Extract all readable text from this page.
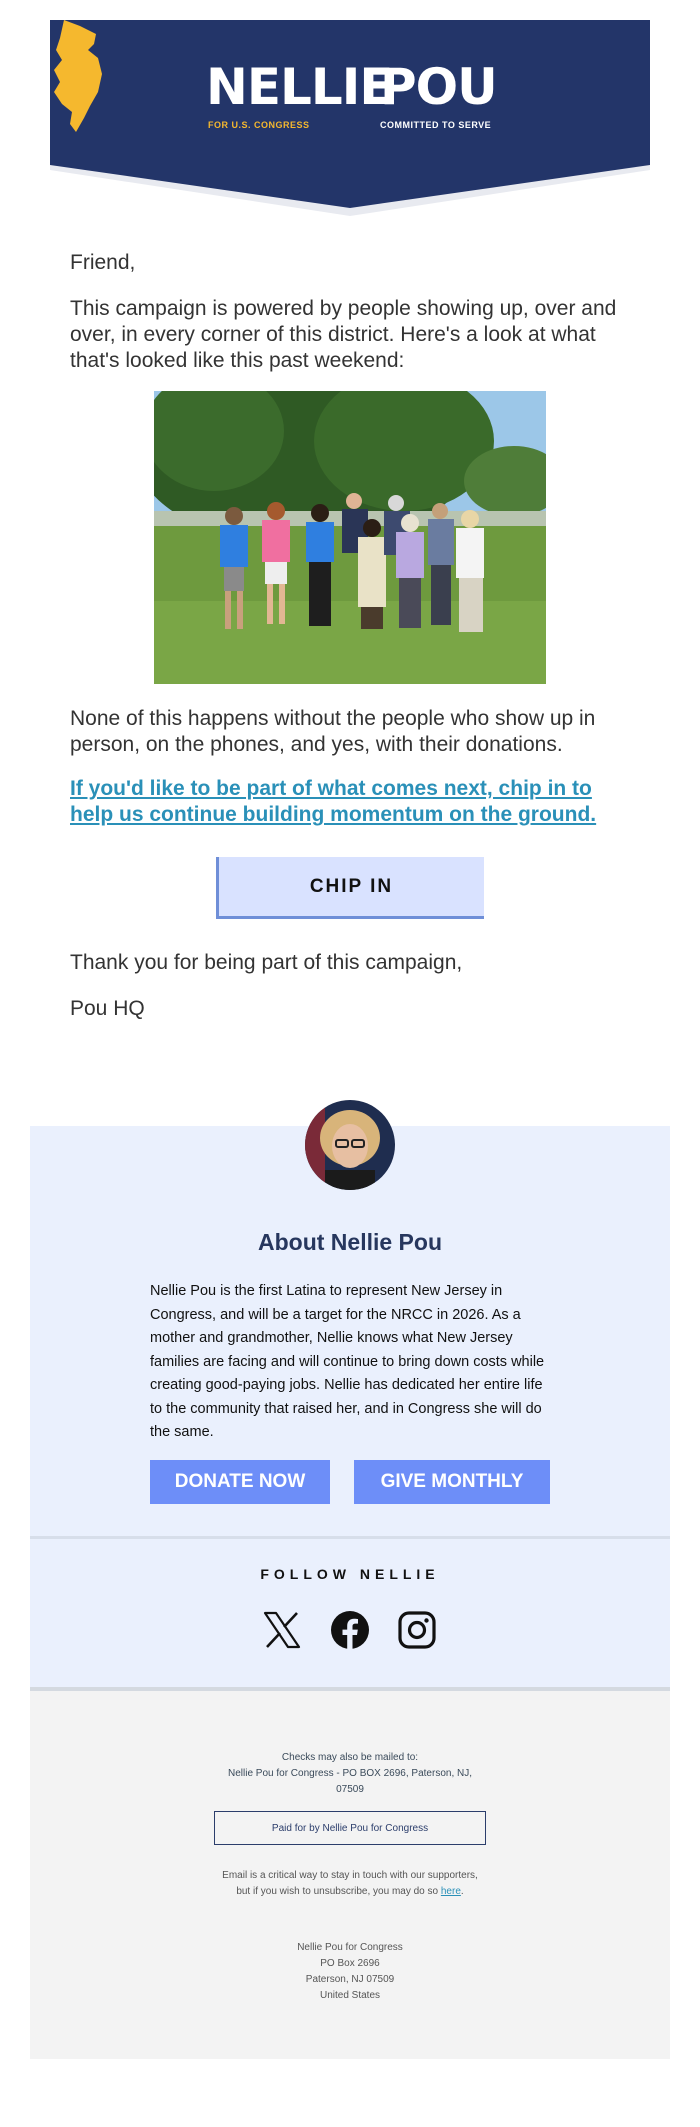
NELLIE
POU
FOR U.S. CONGRESS	COMMITTED TO SERVE

Friend,

This campaign is powered by people showing up, over and over, in every corner of this district. Here's a look at what that's looked like this past weekend:

None of this happens without the people who show up in person, on the phones, and yes, with their donations.

If you'd like to be part of what comes next, chip in to help us continue building momentum on the ground.

CHIP IN

Thank you for being part of this campaign,

Pou HQ

About Nellie Pou

Nellie Pou is the first Latina to represent New Jersey in Congress, and will be a target for the NRCC in 2026. As a mother and grandmother, Nellie knows what New Jersey families are facing and will continue to bring down costs while creating good-paying jobs. Nellie has dedicated her entire life to the community that raised her, and in Congress she will do the same.

DONATE NOW	GIVE MONTHLY
FOLLOW NELLIE

Checks may also be mailed to:

Nellie Pou for Congress - PO BOX 2696, Paterson, NJ, 07509

Paid for by Nellie Pou for Congress

Email is a critical way to stay in touch with our supporters, but if you wish to unsubscribe, you may do so here.

Nellie Pou for Congress
PO Box 2696
Paterson, NJ 07509
United States
